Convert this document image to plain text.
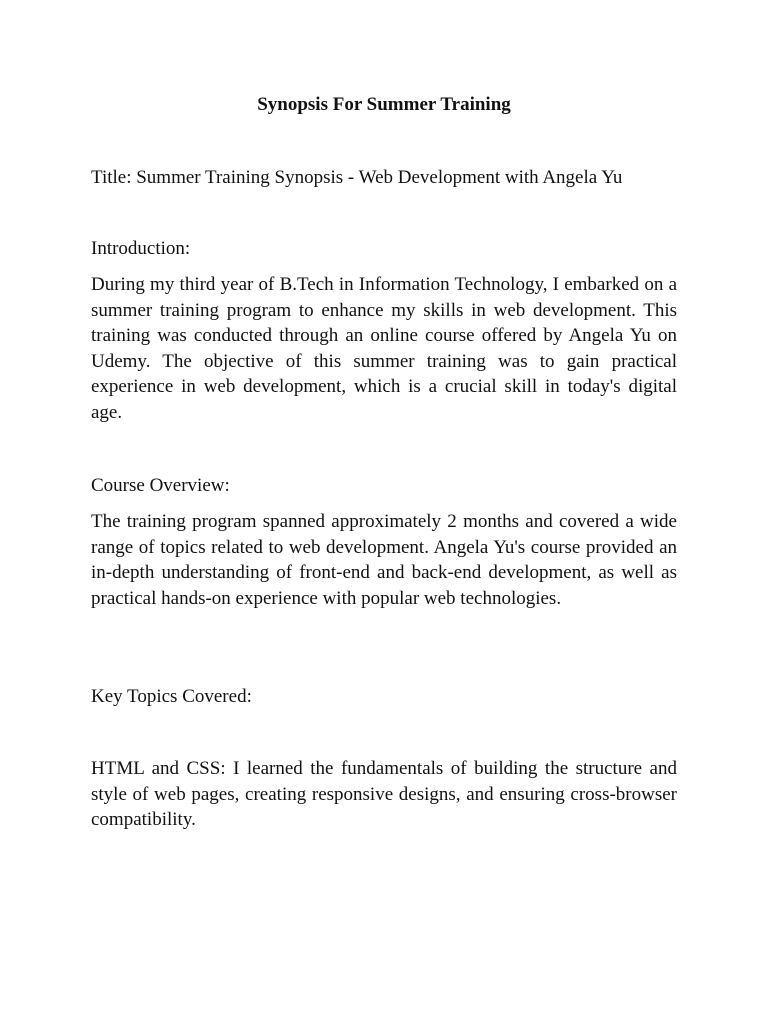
Synopsis For Summer Training

Title: Summer Training Synopsis - Web Development with Angela Yu

Introduction:

During my third year of B.Tech in Information Technology, I embarked on a summer training program to enhance my skills in web development. This training was conducted through an online course offered by Angela Yu on Udemy. The objective of this summer training was to gain practical experience in web development, which is a crucial skill in today's digital age.

Course Overview:

The training program spanned approximately 2 months and covered a wide range of topics related to web development. Angela Yu's course provided an in-depth understanding of front-end and back-end development, as well as practical hands-on experience with popular web technologies.

Key Topics Covered:

HTML and CSS: I learned the fundamentals of building the structure and style of web pages, creating responsive designs, and ensuring cross-browser compatibility.
